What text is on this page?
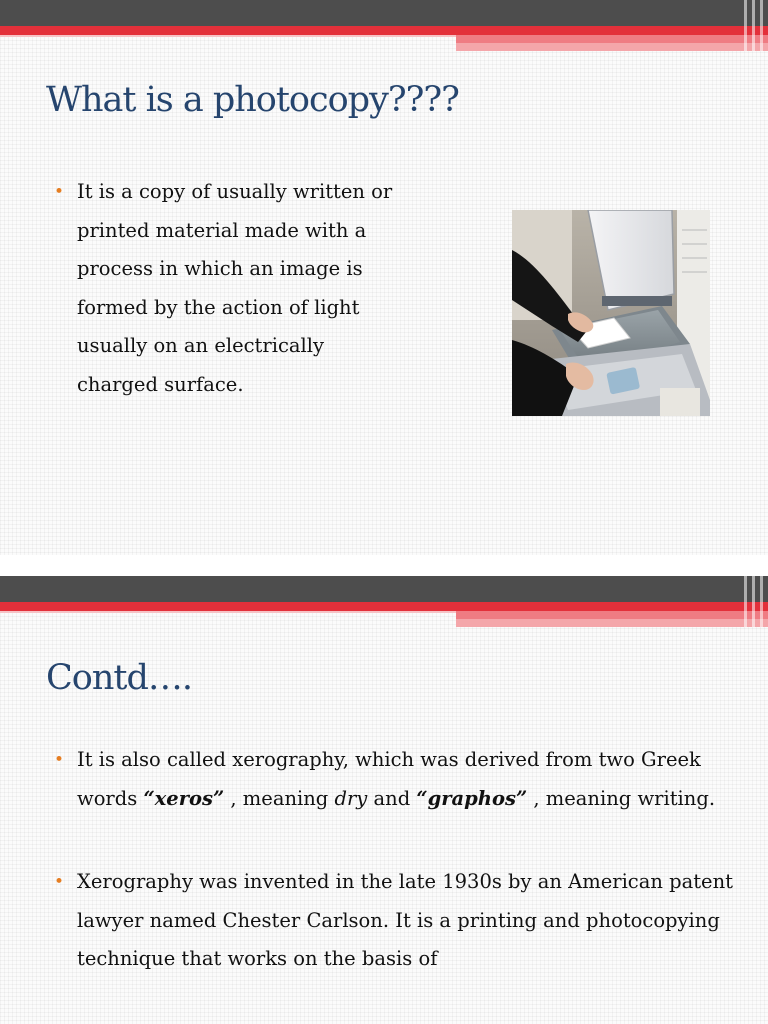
What is a photocopy????
• It is a copy of usually written or printed material made with a process in which an image is formed by the action of light usually on an electrically charged surface.
Contd….
• It is also called xerography, which was derived from two Greek words “xeros” , meaning dry and “graphos” , meaning writing.
• Xerography was invented in the late 1930s by an American patent lawyer named Chester Carlson. It is a printing and photocopying technique that works on the basis of
